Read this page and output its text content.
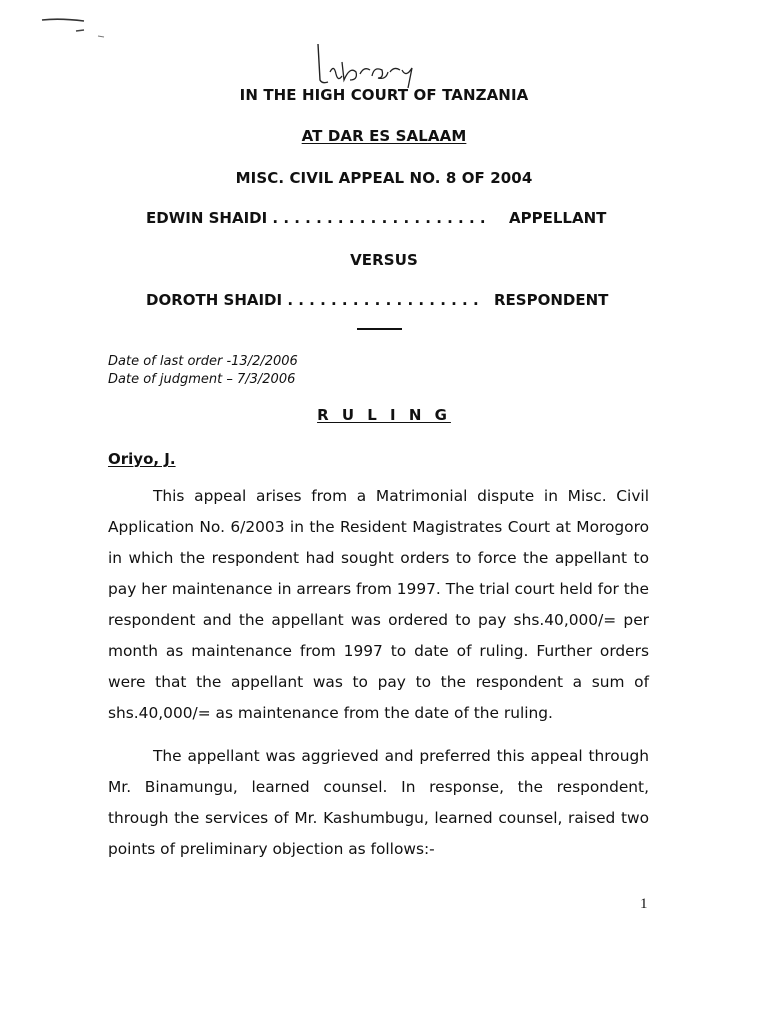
IN THE HIGH COURT OF TANZANIA

AT DAR ES SALAAM

MISC. CIVIL APPEAL NO. 8 OF 2004

EDWIN SHAIDI . . . . . . . . . . . . . . . . . . . . APPELLANT

VERSUS

DOROTH SHAIDI . . . . . . . . . . . . . . . . . . RESPONDENT

Date of last order -13/2/2006
Date of judgment – 7/3/2006

R U L I N G

Oriyo, J.

This appeal arises from a Matrimonial dispute in Misc. Civil Application No. 6/2003 in the Resident Magistrates Court at Morogoro in which the respondent had sought orders to force the appellant to pay her maintenance in arrears from 1997. The trial court held for the respondent and the appellant was ordered to pay shs.40,000/= per month as maintenance from 1997 to date of ruling. Further orders were that the appellant was to pay to the respondent a sum of shs.40,000/= as maintenance from the date of the ruling.

The appellant was aggrieved and preferred this appeal through Mr. Binamungu, learned counsel. In response, the respondent, through the services of Mr. Kashumbugu, learned counsel, raised two points of preliminary objection as follows:-

1
